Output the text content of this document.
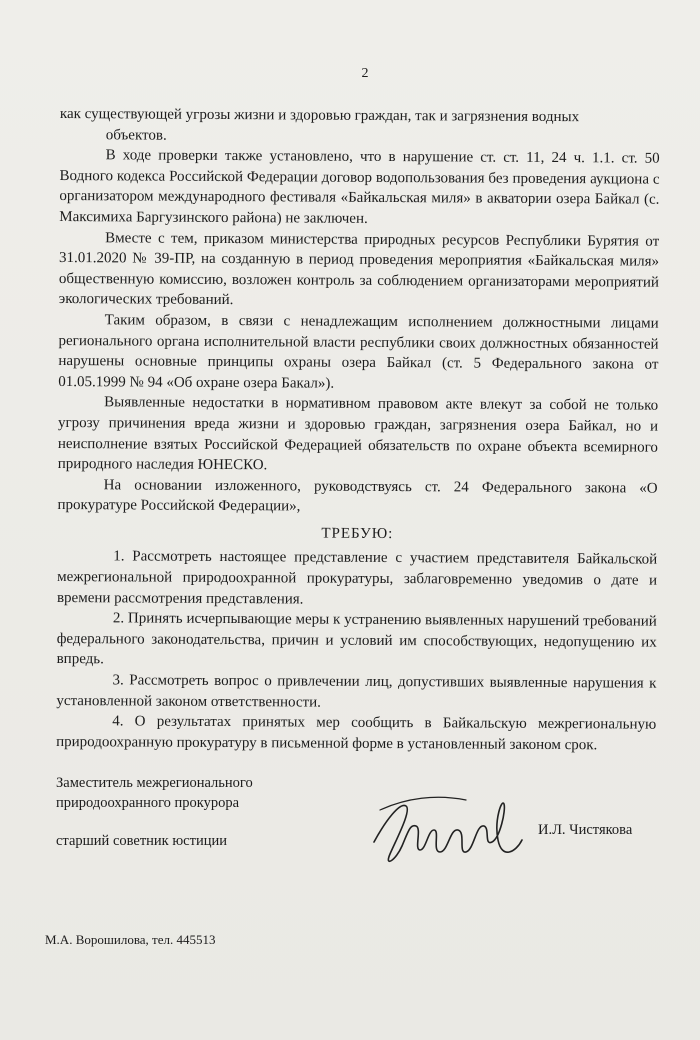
2

как существующей угрозы жизни и здоровью граждан, так и загрязнения водных

объектов.

В ходе проверки также установлено, что в нарушение ст. ст. 11, 24 ч. 1.1. ст. 50 Водного кодекса Российской Федерации договор водопользования без проведения аукциона с организатором международного фестиваля «Байкальская миля» в акватории озера Байкал (с. Максимиха Баргузинского района) не заключен.

Вместе с тем, приказом министерства природных ресурсов Республики Бурятия от 31.01.2020 № 39-ПР, на созданную в период проведения мероприятия «Байкальская миля» общественную комиссию, возложен контроль за соблюдением организаторами мероприятий экологических требований.

Таким образом, в связи с ненадлежащим исполнением должностными лицами регионального органа исполнительной власти республики своих должностных обязанностей нарушены основные принципы охраны озера Байкал (ст. 5 Федерального закона от 01.05.1999 № 94 «Об охране озера Бакал»).

Выявленные недостатки в нормативном правовом акте влекут за собой не только угрозу причинения вреда жизни и здоровью граждан, загрязнения озера Байкал, но и неисполнение взятых Российской Федерацией обязательств по охране объекта всемирного природного наследия ЮНЕСКО.

На основании изложенного, руководствуясь ст. 24 Федерального закона «О прокуратуре Российской Федерации»,

ТРЕБУЮ:

1. Рассмотреть настоящее представление с участием представителя Байкальской межрегиональной природоохранной прокуратуры, заблаговременно уведомив о дате и времени рассмотрения представления.

2. Принять исчерпывающие меры к устранению выявленных нарушений требований федерального законодательства, причин и условий им способствующих, недопущению их впредь.

3. Рассмотреть вопрос о привлечении лиц, допустивших выявленные нарушения к установленной законом ответственности.

4. О результатах принятых мер сообщить в Байкальскую межрегиональную природоохранную прокуратуру в письменной форме в установленный законом срок.

Заместитель межрегионального
природоохранного прокурора
старший советник юстиции
И.Л. Чистякова
М.А. Ворошилова, тел. 445513
